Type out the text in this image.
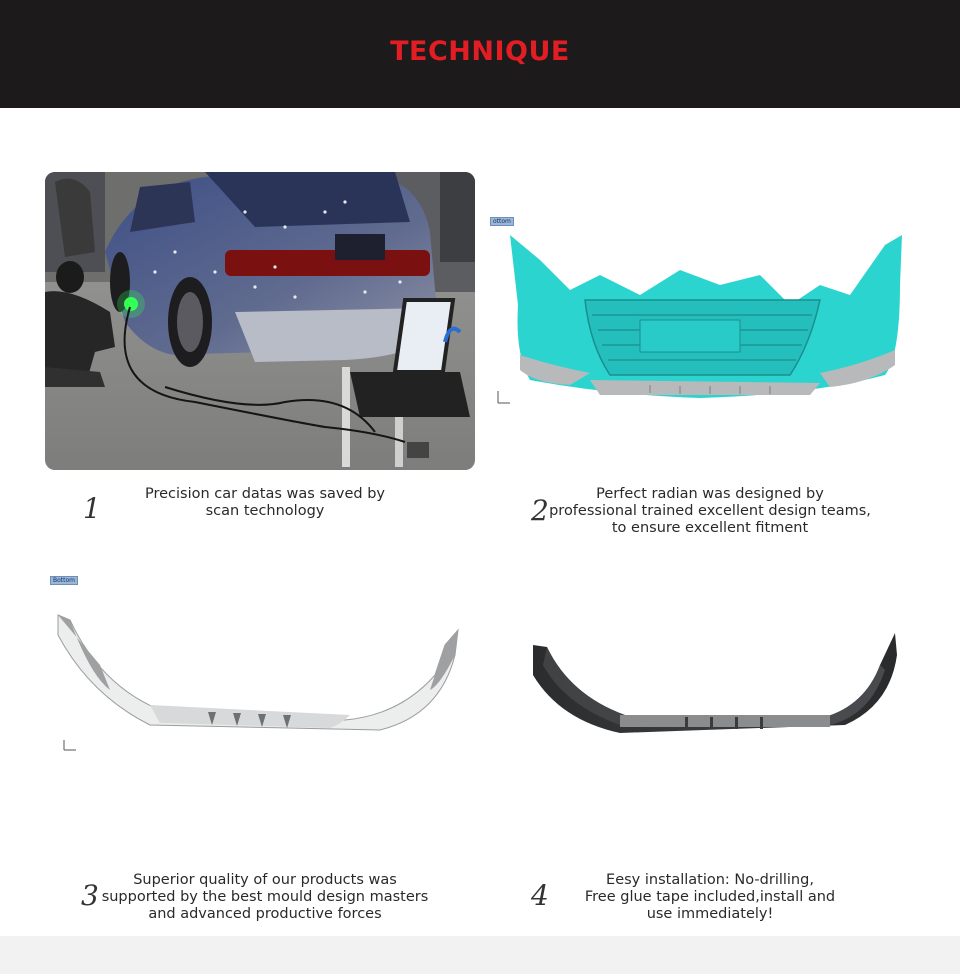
TECHNIQUE
ottom
1	Precision car datas was saved by
scan technology	2	Perfect radian was designed by
professional trained excellent design teams,
to ensure excellent fitment
Bottom
3	Superior quality of our products was
supported by the best mould design masters
and advanced productive forces
4	Eesy installation: No-drilling,
Free glue tape included,install and
use immediately!
